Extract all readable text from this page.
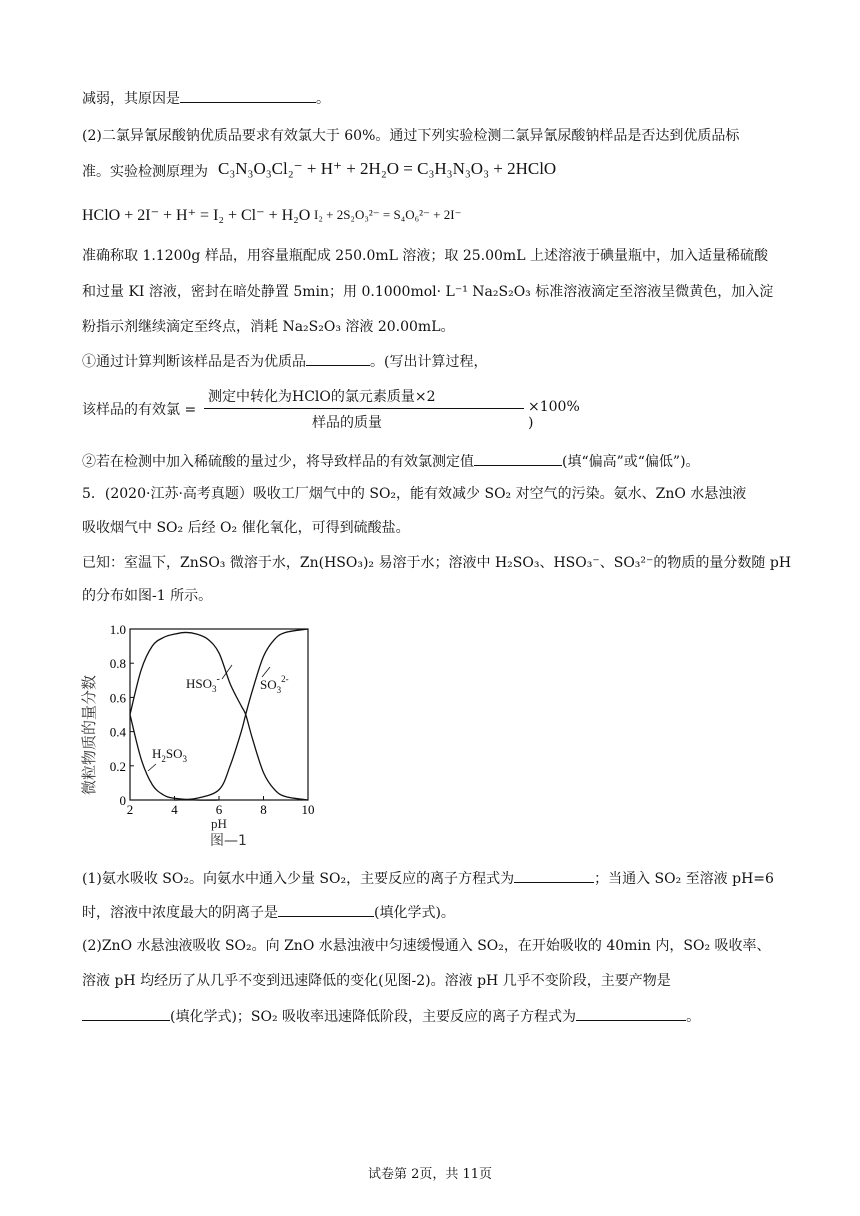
减弱，其原因是	。
(2)二氯异氰尿酸钠优质品要求有效氯大于 60%。通过下列实验检测二氯异氰尿酸钠样品是否达到优质品标
准。实验检测原理为 C₃N₃O₃Cl₂⁻ + H⁺ + 2H₂O = C₃H₃N₃O₃ + 2HClO
HClO + 2I⁻ + H⁺ = I₂ + Cl⁻ + H₂O I₂ + 2S₂O₃²⁻ = S₄O₆²⁻ + 2I⁻
准确称取 1.1200g 样品，用容量瓶配成 250.0mL 溶液；取 25.00mL 上述溶液于碘量瓶中，加入适量稀硫酸
和过量 KI 溶液，密封在暗处静置 5min；用 0.1000mol· L⁻¹ Na₂S₂O₃ 标准溶液滴定至溶液呈微黄色，加入淀
粉指示剂继续滴定至终点，消耗 Na₂S₂O₃ 溶液 20.00mL。
①通过计算判断该样品是否为优质品	。(写出计算过程，
该样品的有效氯 =
测定中转化为HClO的氯元素质量×2
样品的质量
×100% )
②若在检测中加入稀硫酸的量过少，将导致样品的有效氯测定值	(填“偏高”或“偏低”)。
5．(2020·江苏·高考真题）吸收工厂烟气中的 SO₂，能有效减少 SO₂ 对空气的污染。氨水、ZnO 水悬浊液
吸收烟气中 SO₂ 后经 O₂ 催化氧化，可得到硫酸盐。
已知：室温下，ZnSO₃ 微溶于水，Zn(HSO₃)₂ 易溶于水；溶液中 H₂SO₃、HSO₃⁻、SO₃²⁻的物质的量分数随 pH
的分布如图-1 所示。
0
0.2
0.4
0.6
0.8
1.0
2	4	6	8	10
微粒物质的量分数
pH
图—1
$HSO_3^-$	$SO_3^{2-}$
$H_2SO_3$
(1)氨水吸收 SO₂。向氨水中通入少量 SO₂，主要反应的离子方程式为	；当通入 SO₂ 至溶液 pH=6
时，溶液中浓度最大的阴离子是	(填化学式)。
(2)ZnO 水悬浊液吸收 SO₂。向 ZnO 水悬浊液中匀速缓慢通入 SO₂，在开始吸收的 40min 内，SO₂ 吸收率、
溶液 pH 均经历了从几乎不变到迅速降低的变化(见图-2)。溶液 pH 几乎不变阶段，主要产物是
(填化学式)；SO₂ 吸收率迅速降低阶段，主要反应的离子方程式为	。
试卷第 2页，共 11页
